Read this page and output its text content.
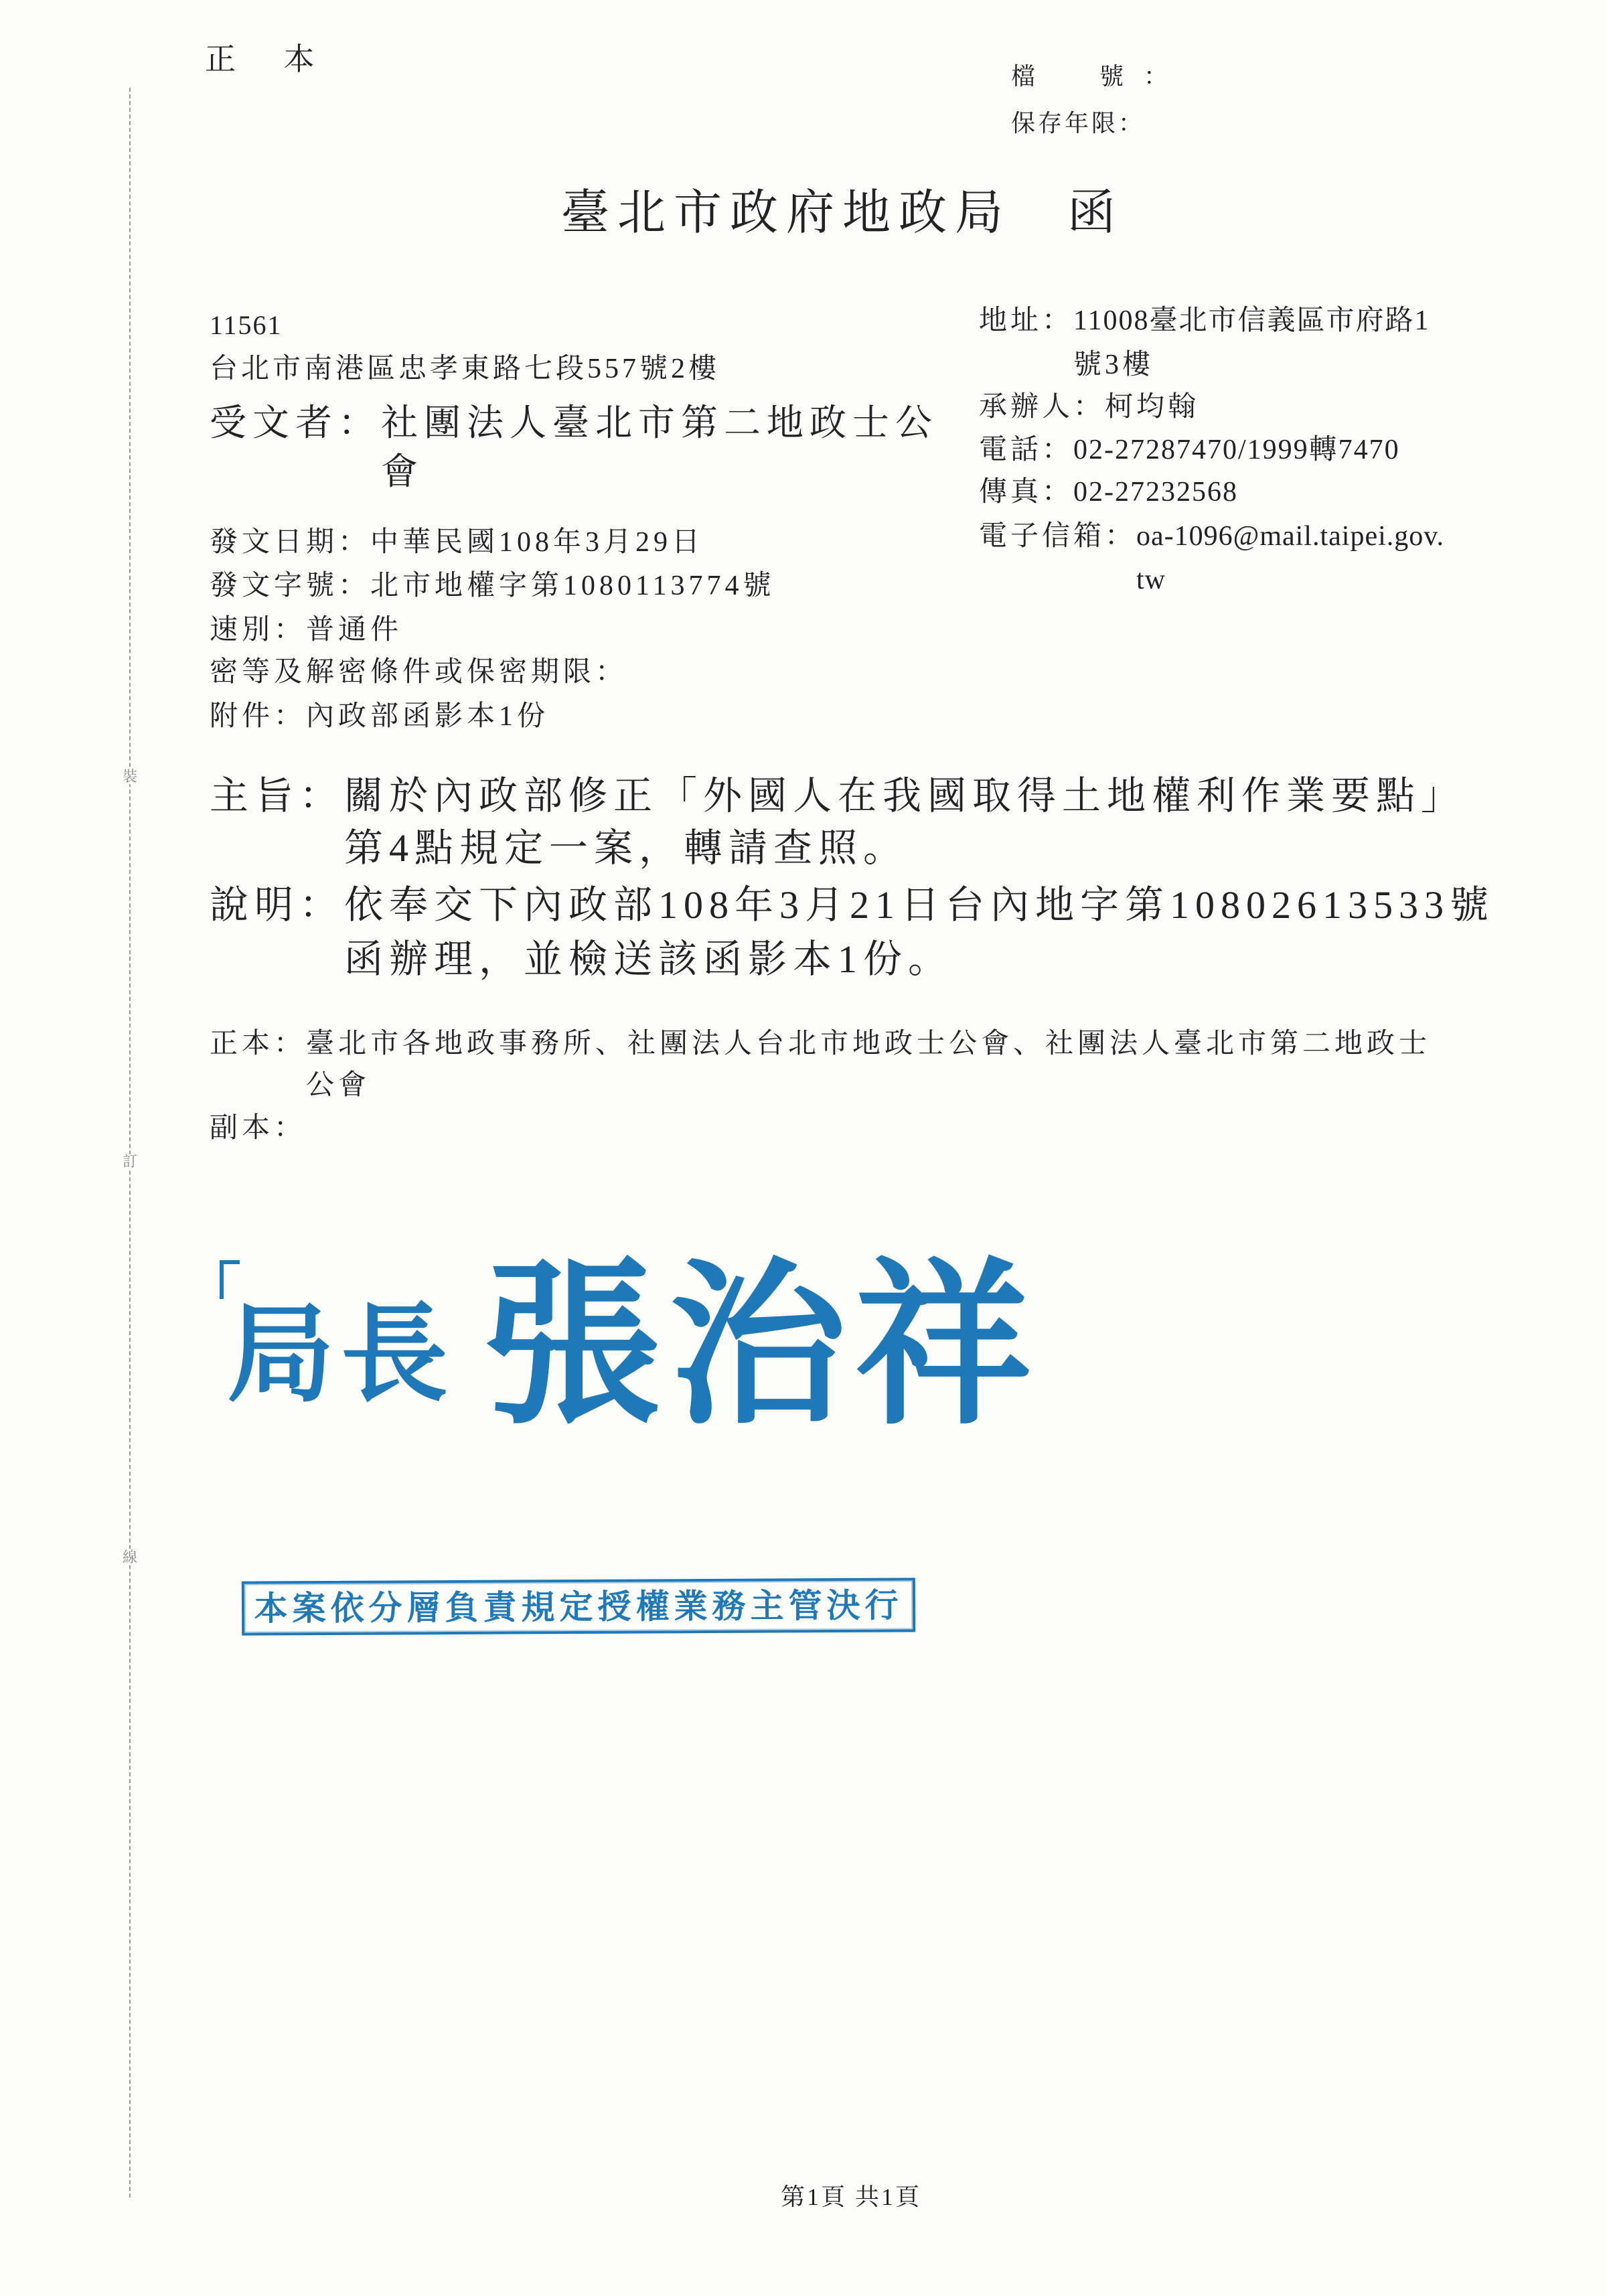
裝
訂
線
正 本	檔　號：
保存年限：
臺北市政府地政局　函
11561
台北市南港區忠孝東路七段557號2樓
受文者：社團法人臺北市第二地政士公
會
地址：11008臺北市信義區市府路1
號3樓
承辦人：柯均翰
電話：02-27287470/1999轉7470
傳真：02-27232568
電子信箱：oa-1096@mail.taipei.gov.
tw
發文日期：中華民國108年3月29日
發文字號：北市地權字第1080113774號
速別：普通件
密等及解密條件或保密期限：
附件：內政部函影本1份
主旨：關於內政部修正「外國人在我國取得土地權利作業要點」
第4點規定一案，轉請查照。
說明：依奉交下內政部108年3月21日台內地字第10802613533號
函辦理，並檢送該函影本1份。
正本：臺北市各地政事務所、社團法人台北市地政士公會、社團法人臺北市第二地政士
公會
副本：
局長 張治祥
本案依分層負責規定授權業務主管決行
第1頁 共1頁
